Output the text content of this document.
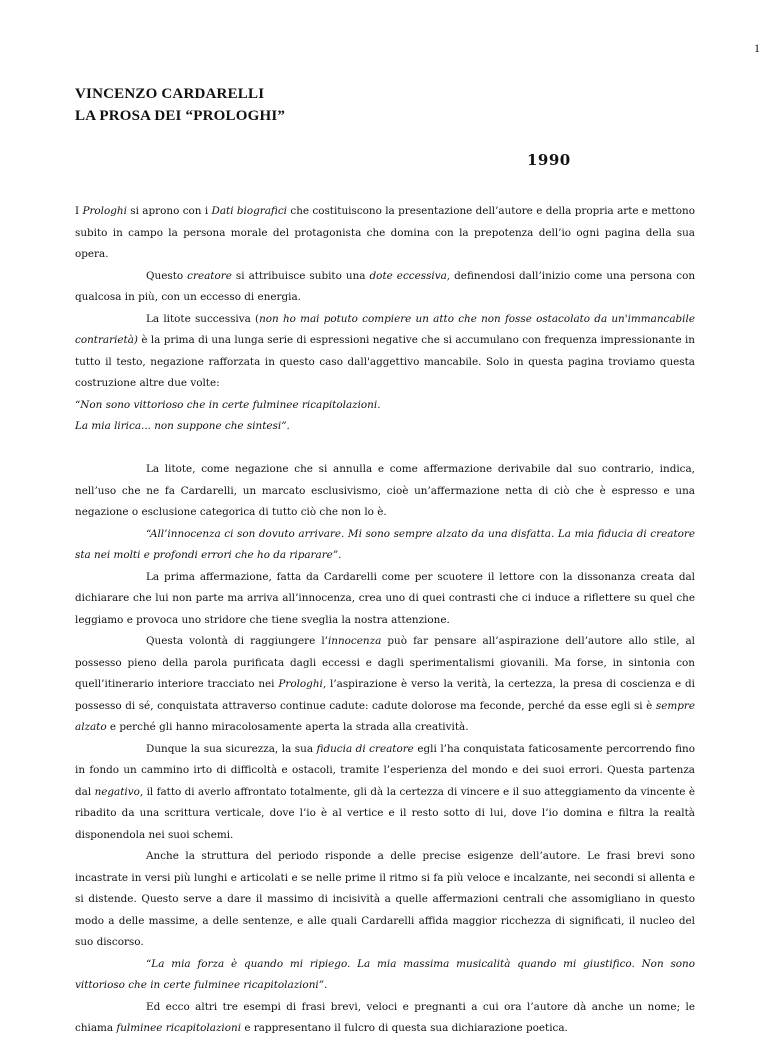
1
VINCENZO CARDARELLI
LA PROSA DEI “PROLOGHI”
1990

I Prologhi si aprono con i Dati biografici che costituiscono la presentazione dell’autore e della propria arte e mettono subito in campo la persona morale del protagonista che domina con la prepotenza dell’io ogni pagina della sua opera.

Questo creatore si attribuisce subito una dote eccessiva, definendosi dall’inizio come una persona con qualcosa in più, con un eccesso di energia.

La litote successiva (non ho mai potuto compiere un atto che non fosse ostacolato da un'immancabile contrarietà) è la prima di una lunga serie di espressioni negative che si accumulano con frequenza impressionante in tutto il testo, negazione rafforzata in questo caso dall'aggettivo mancabile. Solo in questa pagina troviamo questa costruzione altre due volte:

“Non sono vittorioso che in certe fulminee ricapitolazioni.

La mia lirica... non suppone che sintesi”.

La litote, come negazione che si annulla e come affermazione derivabile dal suo contrario, indica, nell’uso che ne fa Cardarelli, un marcato esclusivismo, cioè un’affermazione netta di ciò che è espresso e una negazione o esclusione categorica di tutto ciò che non lo è.

“All’innocenza ci son dovuto arrivare. Mi sono sempre alzato da una disfatta. La mia fiducia di creatore sta nei molti e profondi errori che ho da riparare”.

La prima affermazione, fatta da Cardarelli come per scuotere il lettore con la dissonanza creata dal dichiarare che lui non parte ma arriva all’innocenza, crea uno di quei contrasti che ci induce a riflettere su quel che leggiamo e provoca uno stridore che tiene sveglia la nostra attenzione.

Questa volontà di raggiungere l’innocenza può far pensare all’aspirazione dell’autore allo stile, al possesso pieno della parola purificata dagli eccessi e dagli sperimentalismi giovanili. Ma forse, in sintonia con quell’itinerario interiore tracciato nei Prologhi, l’aspirazione è verso la verità, la certezza, la presa di coscienza e di possesso di sé, conquistata attraverso continue cadute: cadute dolorose ma feconde, perché da esse egli si è sempre alzato e perché gli hanno miracolosamente aperta la strada alla creatività.

Dunque la sua sicurezza, la sua fiducia di creatore egli l’ha conquistata faticosamente percorrendo fino in fondo un cammino irto di difficoltà e ostacoli, tramite l’esperienza del mondo e dei suoi errori. Questa partenza dal negativo, il fatto di averlo affrontato totalmente, gli dà la certezza di vincere e il suo atteggiamento da vincente è ribadito da una scrittura verticale, dove l’io è al vertice e il resto sotto di lui, dove l’io domina e filtra la realtà disponendola nei suoi schemi.

Anche la struttura del periodo risponde a delle precise esigenze dell’autore. Le frasi brevi sono incastrate in versi più lunghi e articolati e se nelle prime il ritmo si fa più veloce e incalzante, nei secondi si allenta e si distende. Questo serve a dare il massimo di incisività a quelle affermazioni centrali che assomigliano in questo modo a delle massime, a delle sentenze, e alle quali Cardarelli affida maggior ricchezza di significati, il nucleo del suo discorso.

“La mia forza è quando mi ripiego. La mia massima musicalità quando mi giustifico. Non sono vittorioso che in certe fulminee ricapitolazioni”.

Ed ecco altri tre esempi di frasi brevi, veloci e pregnanti a cui ora l’autore dà anche un nome; le chiama fulminee ricapitolazioni e rappresentano il fulcro di questa sua dichiarazione poetica.
